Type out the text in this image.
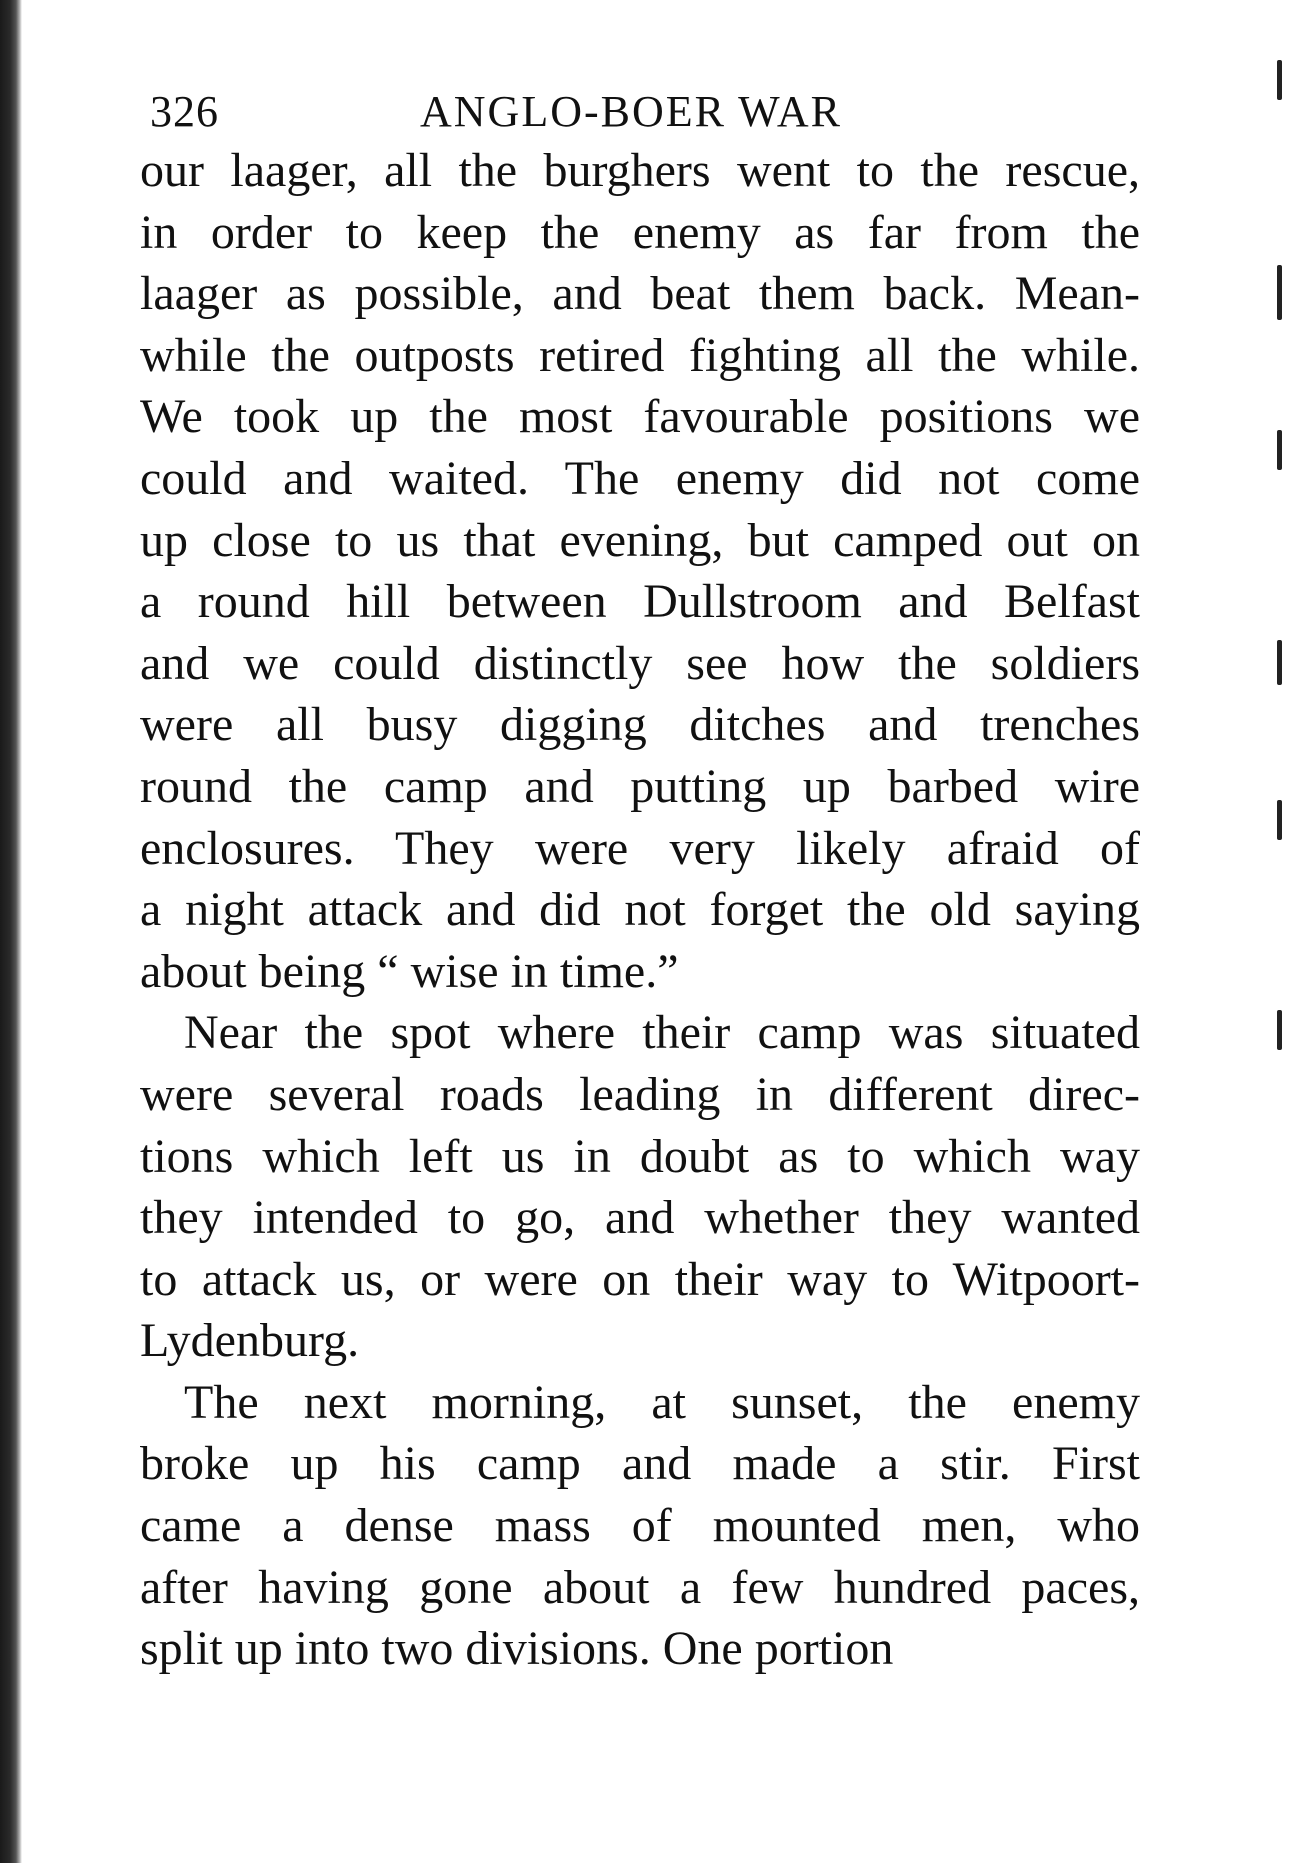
326	ANGLO-BOER WAR
our laager, all the burghers went to the rescue,
in order to keep the enemy as far from the
laager as possible, and beat them back. Mean-
while the outposts retired fighting all the while.
We took up the most favourable positions we
could and waited. The enemy did not come
up close to us that evening, but camped out on
a round hill between Dullstroom and Belfast
and we could distinctly see how the soldiers
were all busy digging ditches and trenches
round the camp and putting up barbed wire
enclosures. They were very likely afraid of
a night attack and did not forget the old saying
about being “ wise in time.”
Near the spot where their camp was situated
were several roads leading in different direc-
tions which left us in doubt as to which way
they intended to go, and whether they wanted
to attack us, or were on their way to Witpoort-
Lydenburg.
The next morning, at sunset, the enemy
broke up his camp and made a stir. First
came a dense mass of mounted men, who
after having gone about a few hundred paces,
split up into two divisions. One portion
